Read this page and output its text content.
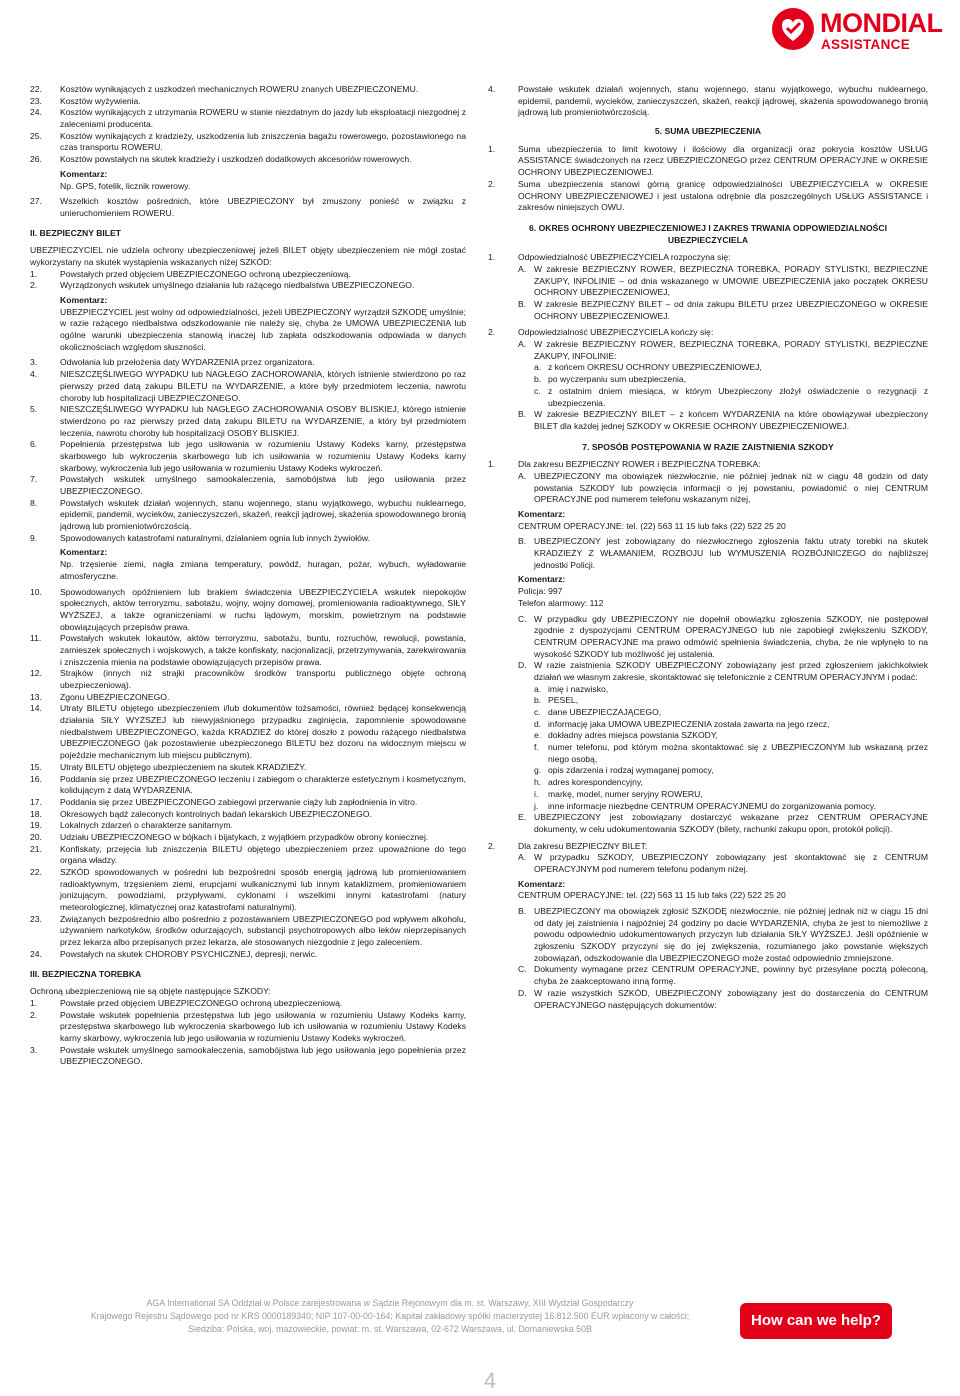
MONDIAL
ASSISTANCE
22. Kosztów wynikających z uszkodzeń mechanicznych ROWERU znanych UBEZPIECZONEMU.
23. Kosztów wyżywienia.
24. Kosztów wynikających z utrzymania ROWERU w stanie niezdatnym do jazdy lub eksploatacji niezgodnej z zaleceniami producenta.
25. Kosztów wynikających z kradzieży, uszkodzenia lub zniszczenia bagażu rowerowego, pozostawionego na czas transportu ROWERU.
26. Kosztów powstałych na skutek kradzieży i uszkodzeń dodatkowych akcesoriów rowerowych.
Komentarz:
Np. GPS, fotelik, licznik rowerowy.
27. Wszelkich kosztów pośrednich, które UBEZPIECZONY był zmuszony ponieść w związku z unieruchomieniem ROWERU.
II. BEZPIECZNY BILET
UBEZPIECZYCIEL nie udziela ochrony ubezpieczeniowej jeżeli BILET objęty ubezpieczeniem nie mógł zostać wykorzystany na skutek wystąpienia wskazanych niżej SZKÓD:
1.	Powstałych przed objęciem UBEZPIECZONEGO ochroną ubezpieczeniową.
2.	Wyrządzonych wskutek umyślnego działania lub rażącego niedbalstwa UBEZPIECZONEGO.
Komentarz:
UBEZPIECZYCIEL jest wolny od odpowiedzialności, jeżeli UBEZPIECZONY wyrządził SZKODĘ umyślnie; w razie rażącego niedbalstwa odszkodowanie nie należy się, chyba że UMOWA UBEZPIECZENIA lub ogólne warunki ubezpieczenia stanowią inaczej lub zapłata odszkodowania odpowiada w danych okolicznościach względom słuszności.
3.	Odwołania lub przełożenia daty WYDARZENIA przez organizatora.
4.	NIESZCZĘŚLIWEGO WYPADKU lub NAGŁEGO ZACHOROWANIA, których istnienie stwierdzono po raz pierwszy przed datą zakupu BILETU na WYDARZENIE, a które były przedmiotem leczenia, nawrotu choroby lub hospitalizacji UBEZPIECZONEGO.
5.	NIESZCZĘŚLIWEGO WYPADKU lub NAGŁEGO ZACHOROWANIA OSOBY BLISKIEJ, którego istnienie stwierdzono po raz pierwszy przed datą zakupu BILETU na WYDARZENIE, a który był przedmiotem leczenia, nawrotu choroby lub hospitalizacji OSOBY BLISKIEJ.
6.	Popełnienia przestępstwa lub jego usiłowania w rozumieniu Ustawy Kodeks karny, przestępstwa skarbowego lub wykroczenia skarbowego lub ich usiłowania w rozumieniu Ustawy Kodeks karny skarbowy, wykroczenia lub jego usiłowania w rozumieniu Ustawy Kodeks wykroczeń.
7.	Powstałych wskutek umyślnego samookaleczenia, samobójstwa lub jego usiłowania przez UBEZPIECZONEGO.
8.	Powstałych wskutek działań wojennych, stanu wojennego, stanu wyjątkowego, wybuchu nuklearnego, epidemii, pandemii, wycieków, zanieczyszczeń, skażeń, reakcji jądrowej, skażenia spowodowanego bronią jądrową lub promieniotwórczością.
9.	Spowodowanych katastrofami naturalnymi, działaniem ognia lub innych żywiołów.
Komentarz:
Np. trzęsienie ziemi, nagła zmiana temperatury, powódź, huragan, pożar, wybuch, wyładowanie atmosferyczne.
10. Spowodowanych opóźnieniem lub brakiem świadczenia UBEZPIECZYCIELA wskutek niepokojów społecznych, aktów terroryzmu, sabotażu, wojny, wojny domowej, promieniowania radioaktywnego, SIŁY WYŻSZEJ, a także ograniczeniami w ruchu lądowym, morskim, powietrznym na podstawie obowiązujących przepisów prawa.
11. Powstałych wskutek lokautów, aktów terroryzmu, sabotażu, buntu, rozruchów, rewolucji, powstania, zamieszek społecznych i wojskowych, a także konfiskaty, nacjonalizacji, przetrzymywania, zarekwirowania i zniszczenia mienia na podstawie obowiązujących przepisów prawa.
12. Strajków (innych niż strajki pracowników środków transportu publicznego objęte ochroną ubezpieczeniową).
13. Zgonu UBEZPIECZONEGO.
14. Utraty BILETU objętego ubezpieczeniem i/lub dokumentów tożsamości, również będącej konsekwencją działania SIŁY WYŻSZEJ lub niewyjaśnionego przypadku zaginięcia, zapomnienie spowodowane niedbalstwem UBEZPIECZONEGO, każda KRADZIEŻ do której doszło z powodu rażącego niedbalstwa UBEZPIECZONEGO (jak pozostawienie ubezpieczonego BILETU bez dozoru na widocznym miejscu w pojeździe mechanicznym lub miejscu publicznym).
15. Utraty BILETU objętego ubezpieczeniem na skutek KRADZIEŻY.
16. Poddania się przez UBEZPIECZONEGO leczeniu i zabiegom o charakterze estetycznym i kosmetycznym, kolidującym z datą WYDARZENIA.
17. Poddania się przez UBEZPIECZONEGO zabiegowi przerwanie ciąży lub zapłodnienia in vitro.
18. Okresowych bądź zaleconych kontrolnych badań lekarskich UBEZPIECZONEGO.
19. Lokalnych zdarzeń o charakterze sanitarnym.
20. Udziału UBEZPIECZONEGO w bójkach i bijatykach, z wyjątkiem przypadków obrony koniecznej.
21. Konfiskaty, przejęcia lub zniszczenia BILETU objętego ubezpieczeniem przez upoważnione do tego organa władzy.
22. SZKÓD spowodowanych w pośredni lub bezpośredni sposób energią jądrową lub promieniowaniem radioaktywnym, trzęsieniem ziemi, erupcjami wulkanicznymi lub innym kataklizmem, promieniowaniem jonizującym, powodziami, przypływami, cyklonami i wszelkimi innymi katastrofami (natury meteorologicznej, klimatycznej oraz katastrofami naturalnymi).
23. Związanych bezpośrednio albo pośrednio z pozostawaniem UBEZPIECZONEGO pod wpływem alkoholu, używaniem narkotyków, środków odurzających, substancji psychotropowych albo leków nieprzepisanych przez lekarza albo przepisanych przez lekarza, ale stosowanych niezgodnie z jego zaleceniem.
24. Powstałych na skutek CHOROBY PSYCHICZNEJ, depresji, nerwic.
III. BEZPIECZNA TOREBKA
Ochroną ubezpieczeniową nie są objęte następujące SZKODY:
1.	Powstałe przed objęciem UBEZPIECZONEGO ochroną ubezpieczeniową.
2.	Powstałe wskutek popełnienia przestępstwa lub jego usiłowania w rozumieniu Ustawy Kodeks karny, przestępstwa skarbowego lub wykroczenia skarbowego lub ich usiłowania w rozumieniu Ustawy Kodeks karny skarbowy, wykroczenia lub jego usiłowania w rozumieniu Ustawy Kodeks wykroczeń.
3.	Powstałe wskutek umyślnego samookaleczenia, samobójstwa lub jego usiłowania jego popełnienia przez UBEZPIECZONEGO.
4.	Powstałe wskutek działań wojennych, stanu wojennego, stanu wyjątkowego, wybuchu nuklearnego, epidemii, pandemii, wycieków, zanieczyszczeń, skażeń, reakcji jądrowej, skażenia spowodowanego bronią jądrową lub promieniotwórczością.
5. SUMA UBEZPIECZENIA
1.	Suma ubezpieczenia to limit kwotowy i ilościowy dla organizacji oraz pokrycia kosztów USŁUG ASSISTANCE świadczonych na rzecz UBEZPIECZONEGO przez CENTRUM OPERACYJNE w OKRESIE OCHRONY UBEZPIECZENIOWEJ.
2.	Suma ubezpieczenia stanowi górną granicę odpowiedzialności UBEZPIECZYCIELA w OKRESIE OCHRONY UBEZPIECZENIOWEJ i jest ustalona odrębnie dla poszczególnych USŁUG ASSISTANCE i zakresów niniejszych OWU.
6. OKRES OCHRONY UBEZPIECZENIOWEJ I ZAKRES TRWANIA ODPOWIEDZIALNOŚCI UBEZPIECZYCIELA
1.	Odpowiedzialność UBEZPIECZYCIELA rozpoczyna się:
A. W zakresie BEZPIECZNY ROWER, BEZPIECZNA TOREBKA, PORADY STYLISTKI, BEZPIECZNE ZAKUPY, INFOLINIE – od dnia wskazanego w UMOWIE UBEZPIECZENIA jako początek OKRESU OCHRONY UBEZPIECZENIOWEJ,
B. W zakresie BEZPIECZNY BILET – od dnia zakupu BILETU przez UBEZPIECZONEGO w OKRESIE OCHRONY UBEZPIECZENIOWEJ.
2.	Odpowiedzialność UBEZPIECZYCIELA kończy się:
A. W zakresie BEZPIECZNY ROWER, BEZPIECZNA TOREBKA, PORADY STYLISTKI, BEZPIECZNE ZAKUPY, INFOLINIE:
a. z końcem OKRESU OCHRONY UBEZPIECZENIOWEJ,
b. po wyczerpaniu sum ubezpieczenia,
c. z ostatnim dniem miesiąca, w którym Ubezpieczony złożył oświadczenie o rezygnacji z ubezpieczenia.
B. W zakresie BEZPIECZNY BILET – z końcem WYDARZENIA na które obowiązywał ubezpieczony BILET dla każdej jednej SZKODY w OKRESIE OCHRONY UBEZPIECZENIOWEJ.
7. SPOSÓB POSTĘPOWANIA W RAZIE ZAISTNIENIA SZKODY
1.	Dla zakresu BEZPIECZNY ROWER i BEZPIECZNA TOREBKA:
A. UBEZPIECZONY ma obowiązek niezwłocznie, nie później jednak niż w ciągu 48 godzin od daty powstania SZKODY lub powzięcia informacji o jej powstaniu, powiadomić o niej CENTRUM OPERACYJNE pod numerem telefonu wskazanym niżej,
Komentarz:
CENTRUM OPERACYJNE: tel. (22) 563 11 15 lub faks (22) 522 25 20
B. UBEZPIECZONY jest zobowiązany do niezwłocznego zgłoszenia faktu utraty torebki na skutek KRADZIEŻY Z WŁAMANIEM, ROZBOJU lub WYMUSZENIA ROZBÓJNICZEGO do najbliższej jednostki Policji.
Komentarz:
Policja: 997
Telefon alarmowy: 112
C. W przypadku gdy UBEZPIECZONY nie dopełnił obowiązku zgłoszenia SZKODY, nie postępował zgodnie z dyspozycjami CENTRUM OPERACYJNEGO lub nie zapobiegł zwiększeniu SZKODY, CENTRUM OPERACYJNE ma prawo odmówić spełnienia świadczenia, chyba, że nie wpłynęło to na wysokość SZKODY lub możliwość jej ustalenia.
D. W razie zaistnienia SZKODY UBEZPIECZONY zobowiązany jest przed zgłoszeniem jakichkolwiek działań we własnym zakresie, skontaktować się telefonicznie z CENTRUM OPERACYJNYM i podać:
a. imię i nazwisko,
b. PESEL,
c. dane UBEZPIECZAJĄCEGO,
d. informację jaka UMOWA UBEZPIECZENIA została zawarta na jego rzecz,
e. dokładny adres miejsca powstania SZKODY,
f. numer telefonu, pod którym można skontaktować się z UBEZPIECZONYM lub wskazaną przez niego osobą,
g. opis zdarzenia i rodzaj wymaganej pomocy,
h. adres korespondencyjny,
i. markę, model, numer seryjny ROWERU,
j. inne informacje niezbędne CENTRUM OPERACYJNEMU do zorganizowania pomocy.
E. UBEZPIECZONY jest zobowiązany dostarczyć wskazane przez CENTRUM OPERACYJNE dokumenty, w celu udokumentowania SZKODY (bilety, rachunki zakupu opon, protokół policji).
2.	Dla zakresu BEZPIECZNY BILET:
A. W przypadku SZKODY, UBEZPIECZONY zobowiązany jest skontaktować się z CENTRUM OPERACYJNYM pod numerem telefonu podanym niżej.
Komentarz:
CENTRUM OPERACYJNE: tel. (22) 563 11 15 lub faks (22) 522 25 20
B. UBEZPIECZONY ma obowiązek zgłosić SZKODĘ niezwłocznie, nie później jednak niż w ciągu 15 dni od daty jej zaistnienia i najpóźniej 24 godziny po dacie WYDARZENIA, chyba że jest to niemożliwe z powodu odpowiednio udokumentowanych przyczyn lub działania SIŁY WYŻSZEJ. Jeśli opóźnienie w zgłoszeniu SZKODY przyczyni się do jej zwiększenia, rozumianego jako powstanie większych zobowiązań, odszkodowanie dla UBEZPIECZONEGO może zostać odpowiednio zmniejszone.
C. Dokumenty wymagane przez CENTRUM OPERACYJNE, powinny być przesyłane pocztą poleconą, chyba że zaakceptowano inną formę.
D. W razie wszystkich SZKÓD, UBEZPIECZONY zobowiązany jest do dostarczenia do CENTRUM OPERACYJNEGO następujących dokumentów:
AGA International SA Oddział w Polsce zarejestrowana w Sądzie Rejonowym dla m. st. Warszawy, XIII Wydział Gospodarczy
Krajowego Rejestru Sądowego pod nr KRS 0000189340; NIP 107-00-00-164; Kapitał zakładowy spółki macierzystej 16.812.500 EUR wpłacony w całości;
Siedziba: Polska, woj. mazowieckie, powiat: m. st. Warszawa, 02-672 Warszawa, ul. Domaniewska 50B
How can we help?
4
